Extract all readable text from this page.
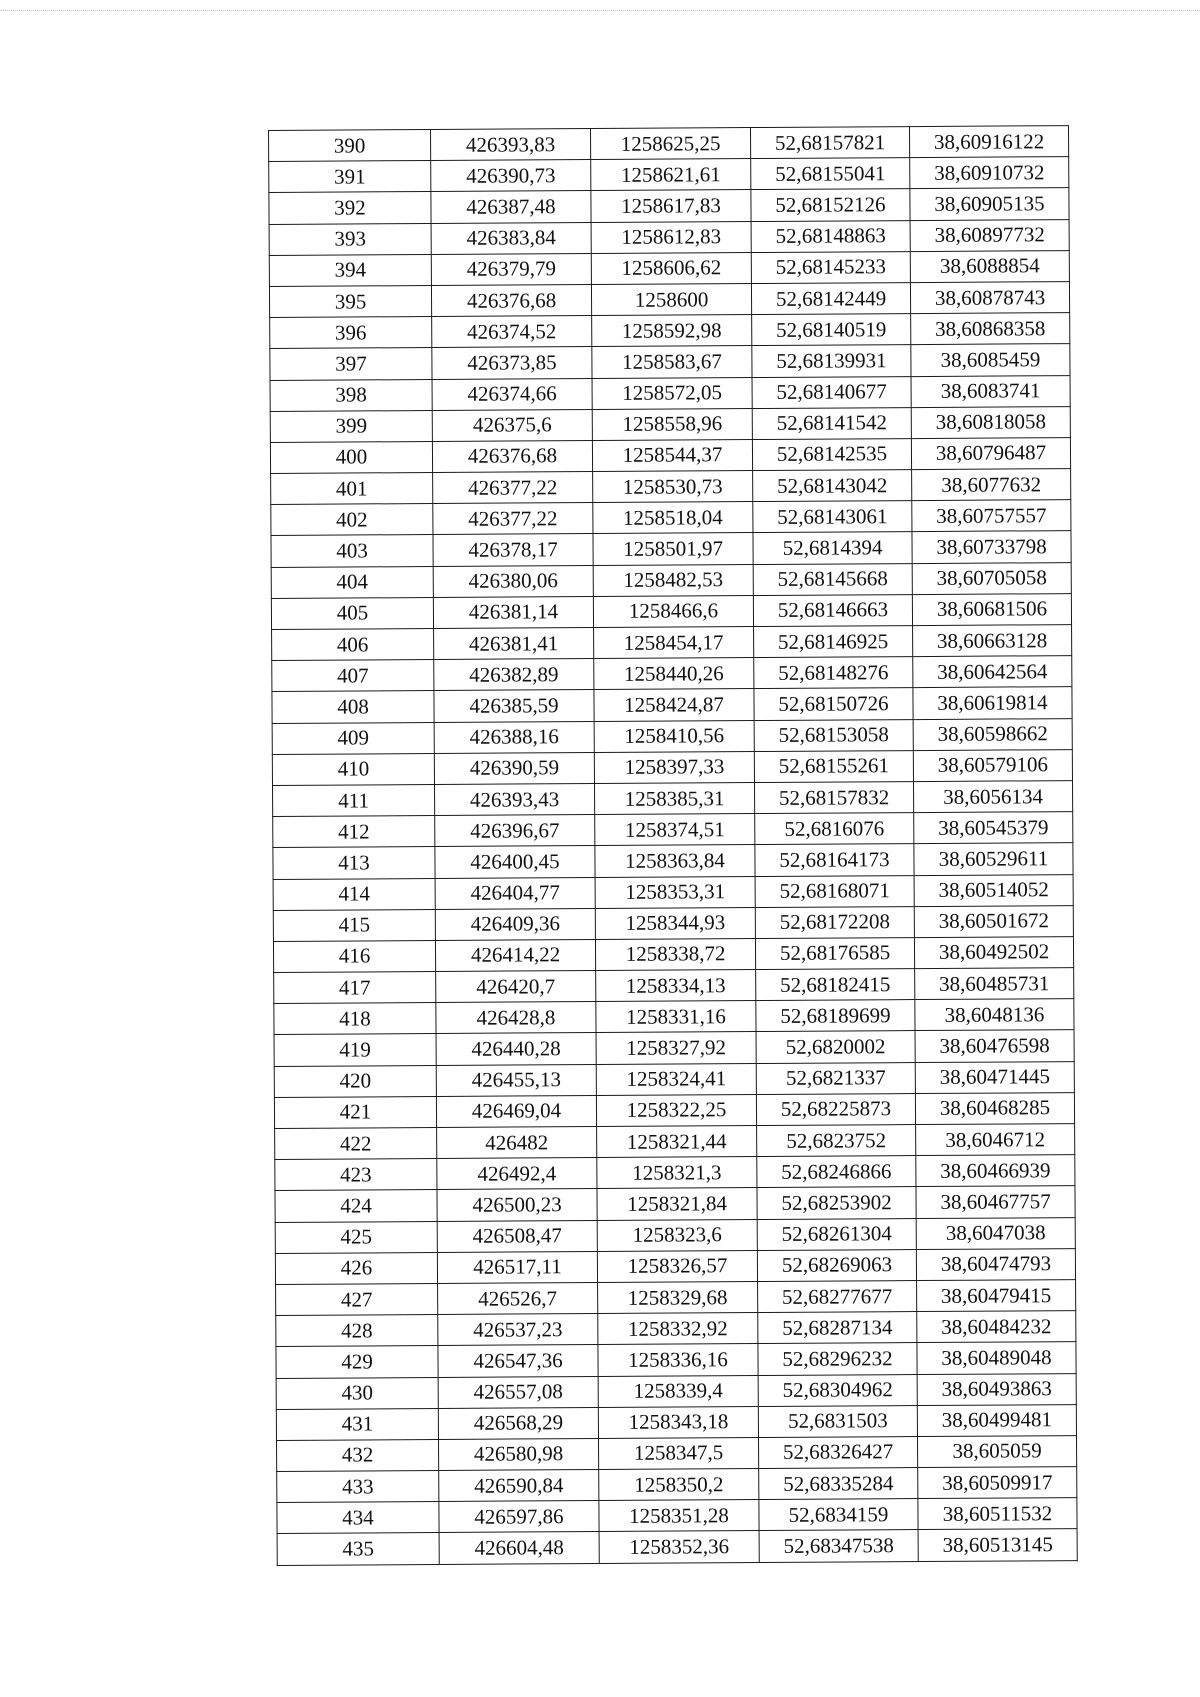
390	426393,83	1258625,25	52,68157821	38,60916122
391	426390,73	1258621,61	52,68155041	38,60910732
392	426387,48	1258617,83	52,68152126	38,60905135
393	426383,84	1258612,83	52,68148863	38,60897732
394	426379,79	1258606,62	52,68145233	38,6088854
395	426376,68	1258600	52,68142449	38,60878743
396	426374,52	1258592,98	52,68140519	38,60868358
397	426373,85	1258583,67	52,68139931	38,6085459
398	426374,66	1258572,05	52,68140677	38,6083741
399	426375,6	1258558,96	52,68141542	38,60818058
400	426376,68	1258544,37	52,68142535	38,60796487
401	426377,22	1258530,73	52,68143042	38,6077632
402	426377,22	1258518,04	52,68143061	38,60757557
403	426378,17	1258501,97	52,6814394	38,60733798
404	426380,06	1258482,53	52,68145668	38,60705058
405	426381,14	1258466,6	52,68146663	38,60681506
406	426381,41	1258454,17	52,68146925	38,60663128
407	426382,89	1258440,26	52,68148276	38,60642564
408	426385,59	1258424,87	52,68150726	38,60619814
409	426388,16	1258410,56	52,68153058	38,60598662
410	426390,59	1258397,33	52,68155261	38,60579106
411	426393,43	1258385,31	52,68157832	38,6056134
412	426396,67	1258374,51	52,6816076	38,60545379
413	426400,45	1258363,84	52,68164173	38,60529611
414	426404,77	1258353,31	52,68168071	38,60514052
415	426409,36	1258344,93	52,68172208	38,60501672
416	426414,22	1258338,72	52,68176585	38,60492502
417	426420,7	1258334,13	52,68182415	38,60485731
418	426428,8	1258331,16	52,68189699	38,6048136
419	426440,28	1258327,92	52,6820002	38,60476598
420	426455,13	1258324,41	52,6821337	38,60471445
421	426469,04	1258322,25	52,68225873	38,60468285
422	426482	1258321,44	52,6823752	38,6046712
423	426492,4	1258321,3	52,68246866	38,60466939
424	426500,23	1258321,84	52,68253902	38,60467757
425	426508,47	1258323,6	52,68261304	38,6047038
426	426517,11	1258326,57	52,68269063	38,60474793
427	426526,7	1258329,68	52,68277677	38,60479415
428	426537,23	1258332,92	52,68287134	38,60484232
429	426547,36	1258336,16	52,68296232	38,60489048
430	426557,08	1258339,4	52,68304962	38,60493863
431	426568,29	1258343,18	52,6831503	38,60499481
432	426580,98	1258347,5	52,68326427	38,605059
433	426590,84	1258350,2	52,68335284	38,60509917
434	426597,86	1258351,28	52,6834159	38,60511532
435	426604,48	1258352,36	52,68347538	38,60513145
